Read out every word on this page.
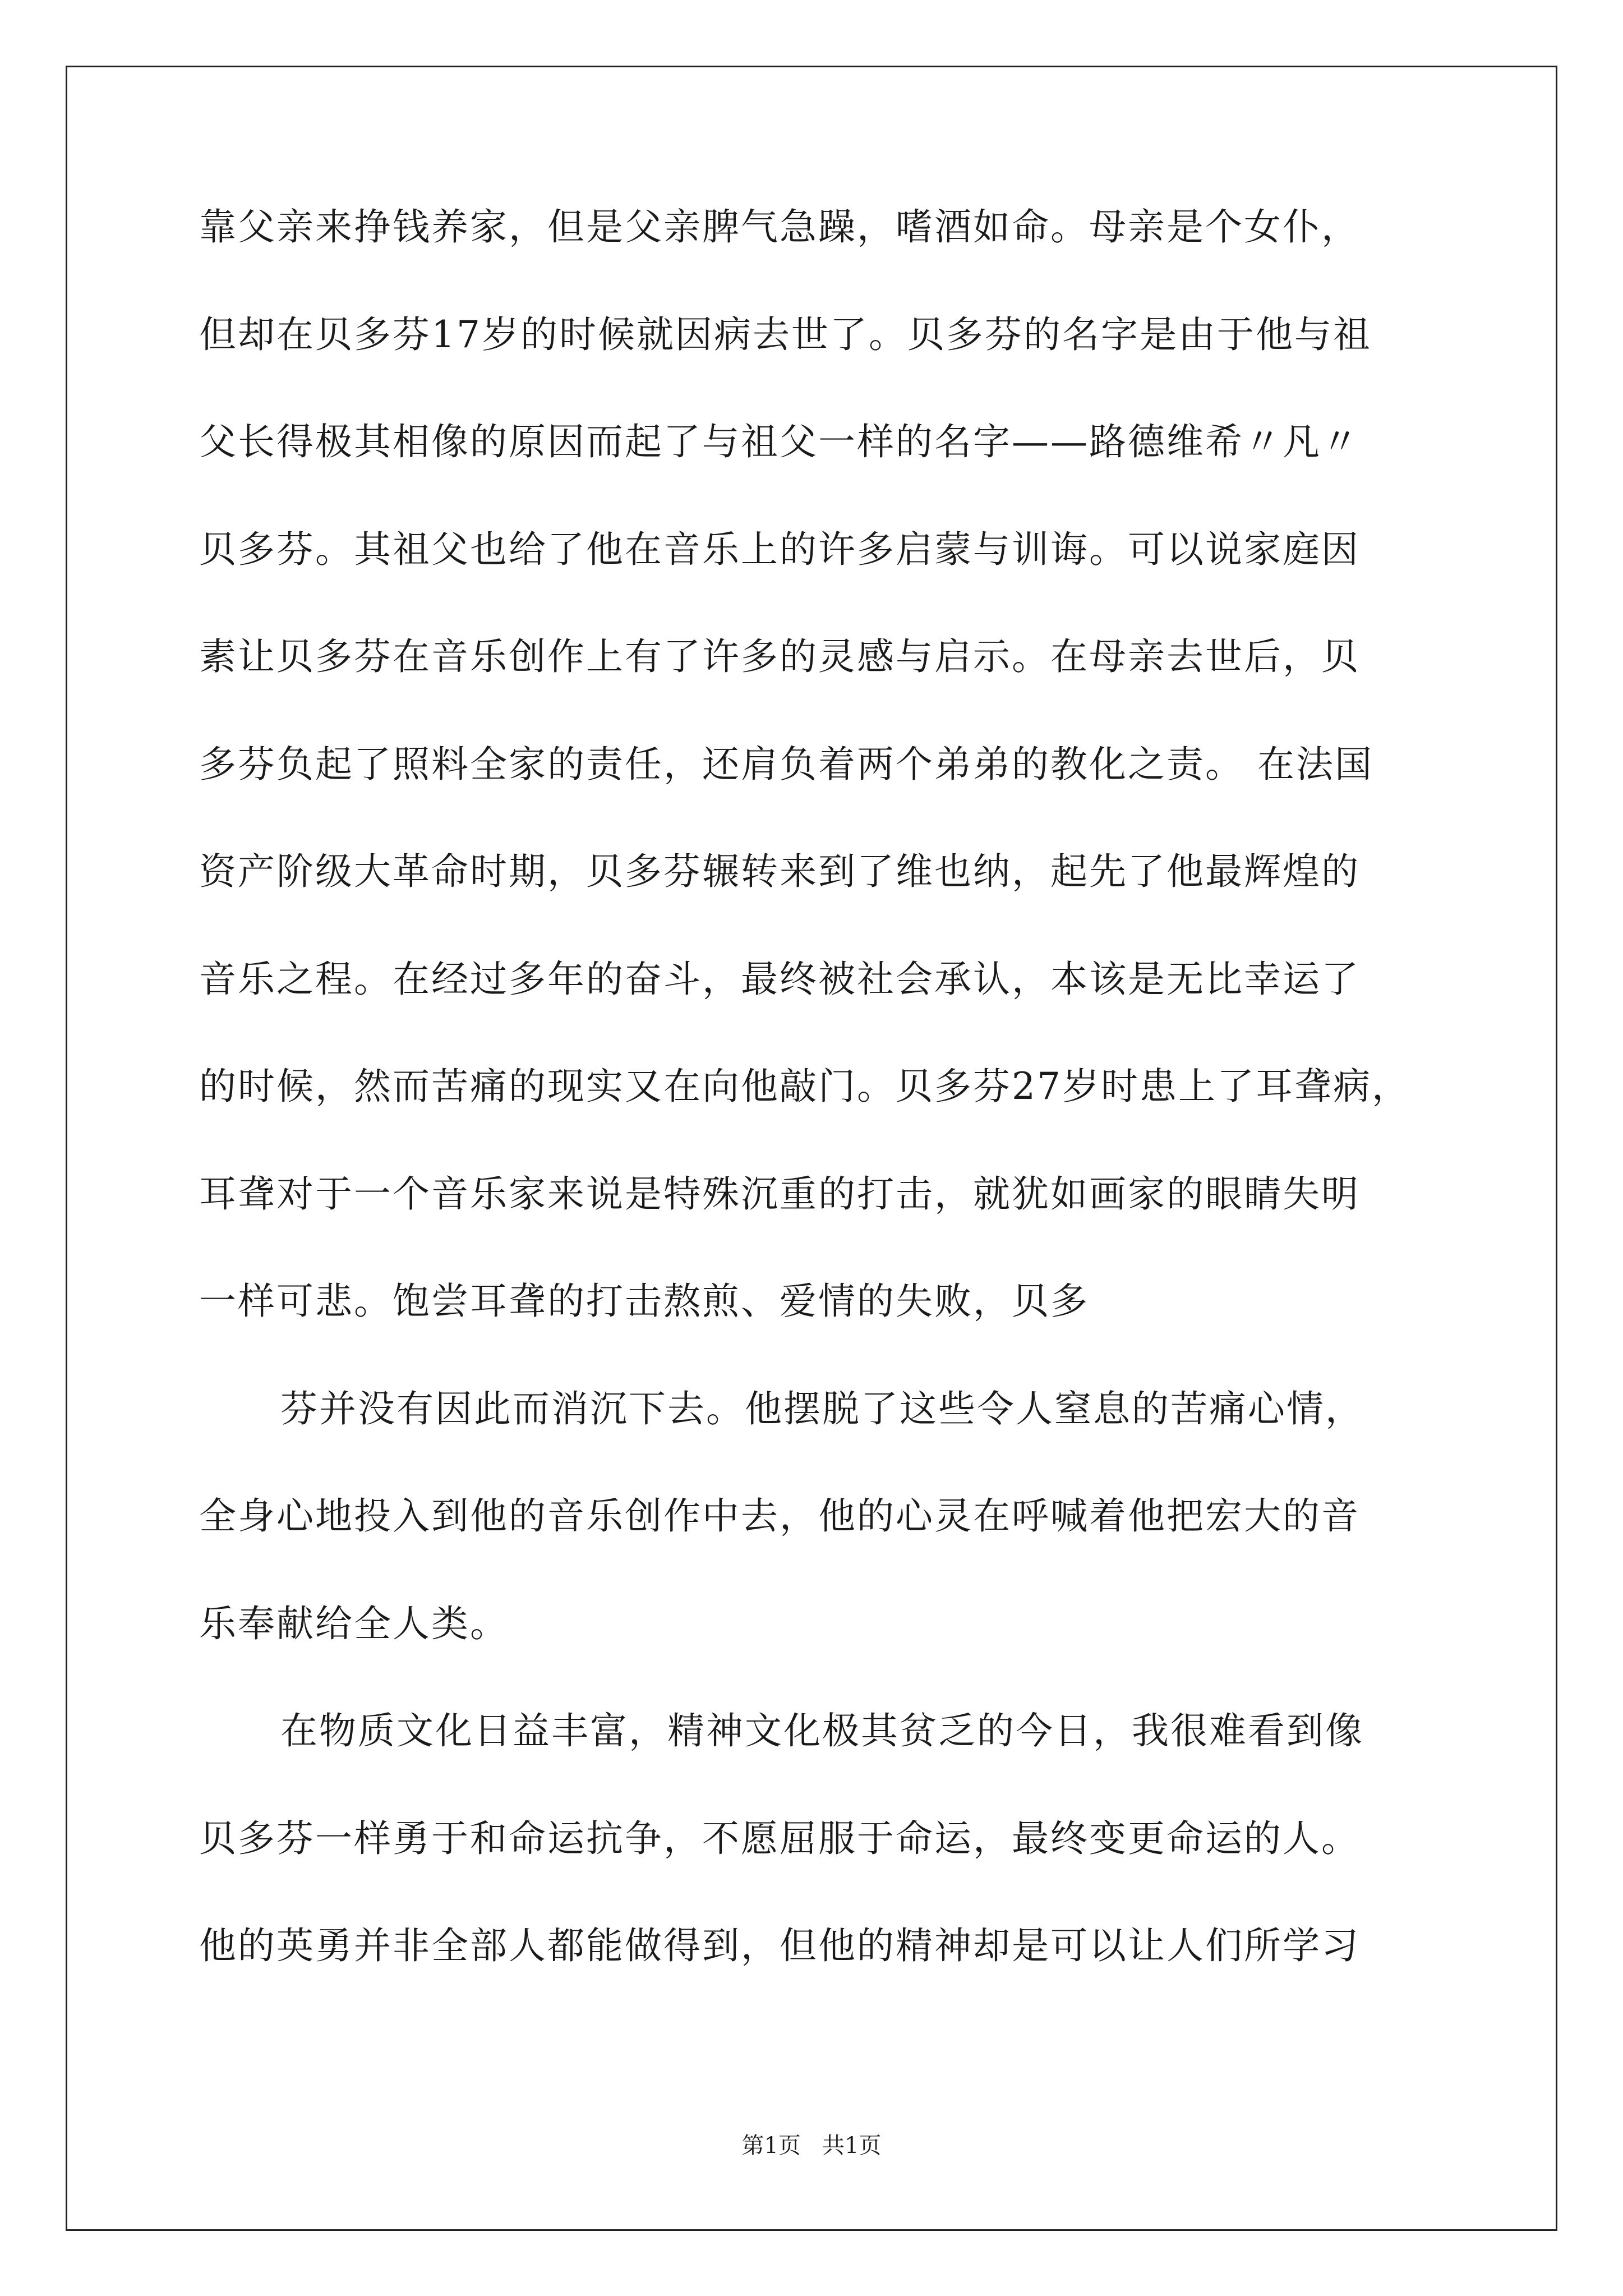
靠父亲来挣钱养家，但是父亲脾气急躁，嗜酒如命。母亲是个女仆，
但却在贝多芬17岁的时候就因病去世了。贝多芬的名字是由于他与祖
父长得极其相像的原因而起了与祖父一样的名字——路德维希〃凡〃
贝多芬。其祖父也给了他在音乐上的许多启蒙与训诲。可以说家庭因
素让贝多芬在音乐创作上有了许多的灵感与启示。在母亲去世后，贝
多芬负起了照料全家的责任，还肩负着两个弟弟的教化之责。 在法国
资产阶级大革命时期，贝多芬辗转来到了维也纳，起先了他最辉煌的
音乐之程。在经过多年的奋斗，最终被社会承认，本该是无比幸运了
的时候，然而苦痛的现实又在向他敲门。贝多芬27岁时患上了耳聋病，
耳聋对于一个音乐家来说是特殊沉重的打击，就犹如画家的眼睛失明
一样可悲。饱尝耳聋的打击熬煎、爱情的失败，贝多
芬并没有因此而消沉下去。他摆脱了这些令人窒息的苦痛心情，
全身心地投入到他的音乐创作中去，他的心灵在呼喊着他把宏大的音
乐奉献给全人类。
在物质文化日益丰富，精神文化极其贫乏的今日，我很难看到像
贝多芬一样勇于和命运抗争，不愿屈服于命运，最终变更命运的人。
他的英勇并非全部人都能做得到，但他的精神却是可以让人们所学习
第1页   共1页
